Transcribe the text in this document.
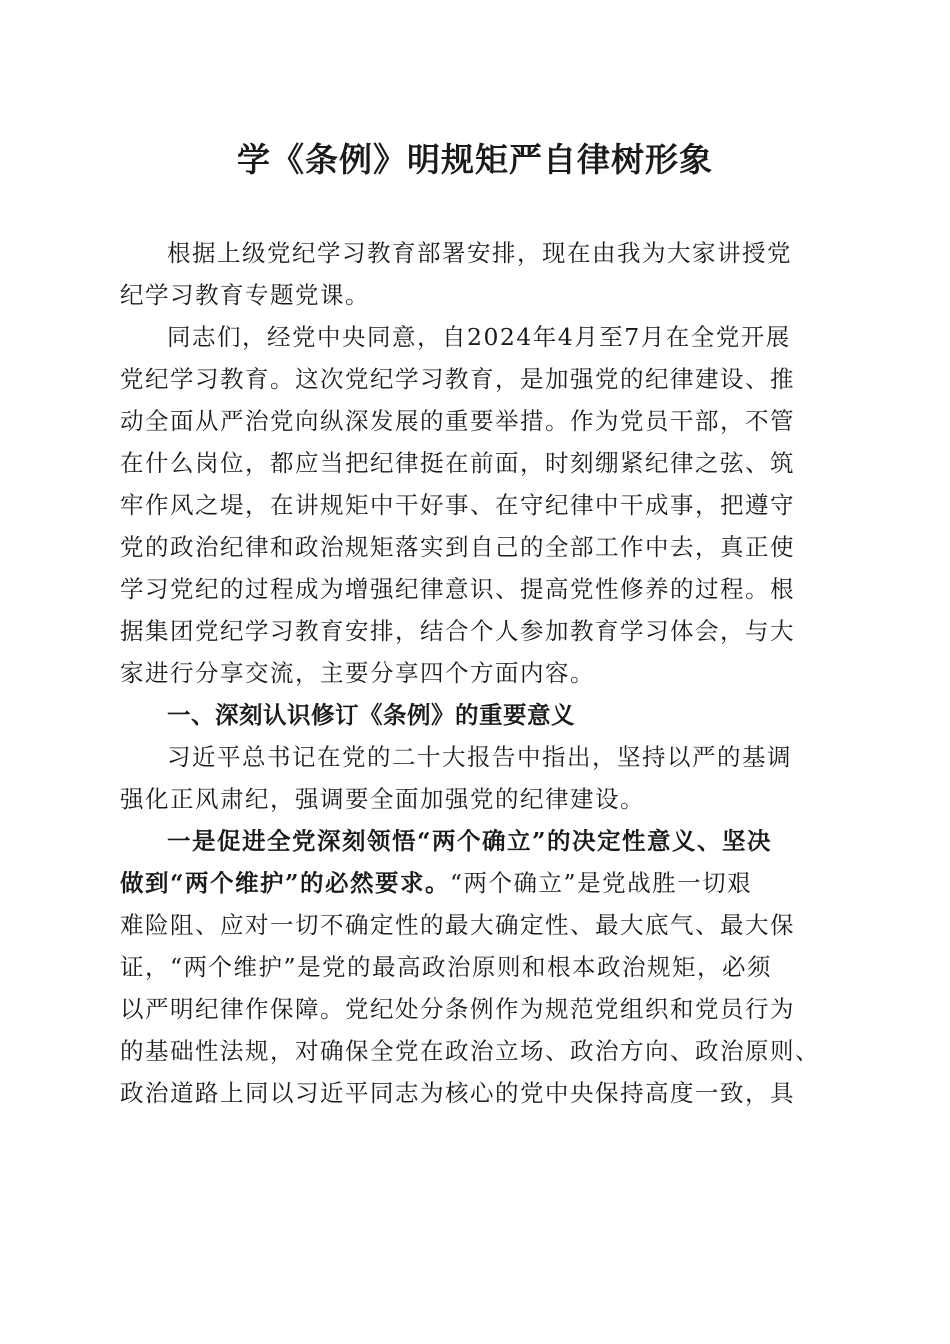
学《条例》明规矩严自律树形象

根据上级党纪学习教育部署安排，现在由我为大家讲授党
纪学习教育专题党课。

同志们，经党中央同意，自2024年4月至7月在全党开展
党纪学习教育。这次党纪学习教育，是加强党的纪律建设、推
动全面从严治党向纵深发展的重要举措。作为党员干部，不管
在什么岗位，都应当把纪律挺在前面，时刻绷紧纪律之弦、筑
牢作风之堤，在讲规矩中干好事、在守纪律中干成事，把遵守
党的政治纪律和政治规矩落实到自己的全部工作中去，真正使
学习党纪的过程成为增强纪律意识、提高党性修养的过程。根
据集团党纪学习教育安排，结合个人参加教育学习体会，与大
家进行分享交流，主要分享四个方面内容。

一、深刻认识修订《条例》的重要意义

习近平总书记在党的二十大报告中指出，坚持以严的基调
强化正风肃纪，强调要全面加强党的纪律建设。

一是促进全党深刻领悟“两个确立”的决定性意义、坚决
做到“两个维护”的必然要求。“两个确立”是党战胜一切艰
难险阻、应对一切不确定性的最大确定性、最大底气、最大保
证，“两个维护”是党的最高政治原则和根本政治规矩，必须
以严明纪律作保障。党纪处分条例作为规范党组织和党员行为
的基础性法规，对确保全党在政治立场、政治方向、政治原则、
政治道路上同以习近平同志为核心的党中央保持高度一致，具
